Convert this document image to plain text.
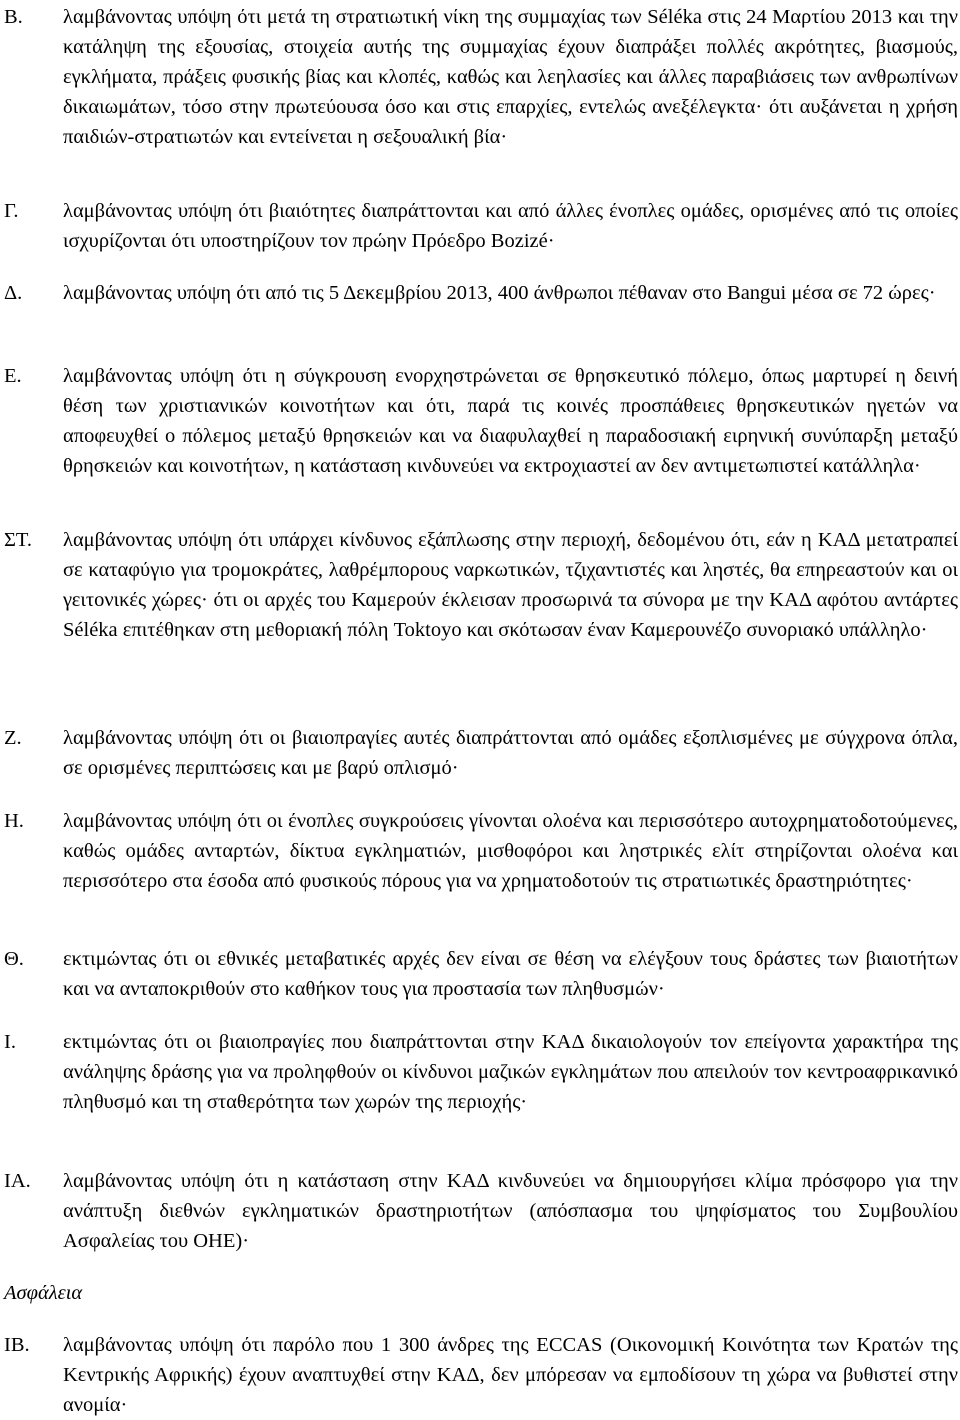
Β.	λαμβάνοντας υπόψη ότι μετά τη στρατιωτική νίκη της συμμαχίας των Séléka στις 24 Μαρτίου 2013 και την κατάληψη της εξουσίας, στοιχεία αυτής της συμμαχίας έχουν διαπράξει πολλές ακρότητες, βιασμούς, εγκλήματα, πράξεις φυσικής βίας και κλοπές, καθώς και λεηλασίες και άλλες παραβιάσεις των ανθρωπίνων δικαιωμάτων, τόσο στην πρωτεύουσα όσο και στις επαρχίες, εντελώς ανεξέλεγκτα· ότι αυξάνεται η χρήση παιδιών-στρατιωτών και εντείνεται η σεξουαλική βία·
Γ.	λαμβάνοντας υπόψη ότι βιαιότητες διαπράττονται και από άλλες ένοπλες ομάδες, ορισμένες από τις οποίες ισχυρίζονται ότι υποστηρίζουν τον πρώην Πρόεδρο Bozizé·
Δ.	λαμβάνοντας υπόψη ότι από τις 5 Δεκεμβρίου 2013, 400 άνθρωποι πέθαναν στο Bangui μέσα σε 72 ώρες·
Ε.	λαμβάνοντας υπόψη ότι η σύγκρουση ενορχηστρώνεται σε θρησκευτικό πόλεμο, όπως μαρτυρεί η δεινή θέση των χριστιανικών κοινοτήτων και ότι, παρά τις κοινές προσπάθειες θρησκευτικών ηγετών να αποφευχθεί ο πόλεμος μεταξύ θρησκειών και να διαφυλαχθεί η παραδοσιακή ειρηνική συνύπαρξη μεταξύ θρησκειών και κοινοτήτων, η κατάσταση κινδυνεύει να εκτροχιαστεί αν δεν αντιμετωπιστεί κατάλληλα·
ΣΤ.	λαμβάνοντας υπόψη ότι υπάρχει κίνδυνος εξάπλωσης στην περιοχή, δεδομένου ότι, εάν η ΚΑΔ μετατραπεί σε καταφύγιο για τρομοκράτες, λαθρέμπορους ναρκωτικών, τζιχαντιστές και ληστές, θα επηρεαστούν και οι γειτονικές χώρες· ότι οι αρχές του Καμερούν έκλεισαν προσωρινά τα σύνορα με την ΚΑΔ αφότου αντάρτες Séléka επιτέθηκαν στη μεθοριακή πόλη Toktoyo και σκότωσαν έναν Καμερουνέζο συνοριακό υπάλληλο·
Ζ.	λαμβάνοντας υπόψη ότι οι βιαιοπραγίες αυτές διαπράττονται από ομάδες εξοπλισμένες με σύγχρονα όπλα, σε ορισμένες περιπτώσεις και με βαρύ οπλισμό·
Η.	λαμβάνοντας υπόψη ότι οι ένοπλες συγκρούσεις γίνονται ολοένα και περισσότερο αυτοχρηματοδοτούμενες, καθώς ομάδες ανταρτών, δίκτυα εγκληματιών, μισθοφόροι και ληστρικές ελίτ στηρίζονται ολοένα και περισσότερο στα έσοδα από φυσικούς πόρους για να χρηματοδοτούν τις στρατιωτικές δραστηριότητες·
Θ.	εκτιμώντας ότι οι εθνικές μεταβατικές αρχές δεν είναι σε θέση να ελέγξουν τους δράστες των βιαιοτήτων και να ανταποκριθούν στο καθήκον τους για προστασία των πληθυσμών·
Ι.	εκτιμώντας ότι οι βιαιοπραγίες που διαπράττονται στην ΚΑΔ δικαιολογούν τον επείγοντα χαρακτήρα της ανάληψης δράσης για να προληφθούν οι κίνδυνοι μαζικών εγκλημάτων που απειλούν τον κεντροαφρικανικό πληθυσμό και τη σταθερότητα των χωρών της περιοχής·
ΙΑ.	λαμβάνοντας υπόψη ότι η κατάσταση στην ΚΑΔ κινδυνεύει να δημιουργήσει κλίμα πρόσφορο για την ανάπτυξη διεθνών εγκληματικών δραστηριοτήτων (απόσπασμα του ψηφίσματος του Συμβουλίου Ασφαλείας του ΟΗΕ)·
Ασφάλεια
ΙΒ.	λαμβάνοντας υπόψη ότι παρόλο που 1 300 άνδρες της ECCAS (Οικονομική Κοινότητα των Κρατών της Κεντρικής Αφρικής) έχουν αναπτυχθεί στην ΚΑΔ, δεν μπόρεσαν να εμποδίσουν τη χώρα να βυθιστεί στην ανομία·
